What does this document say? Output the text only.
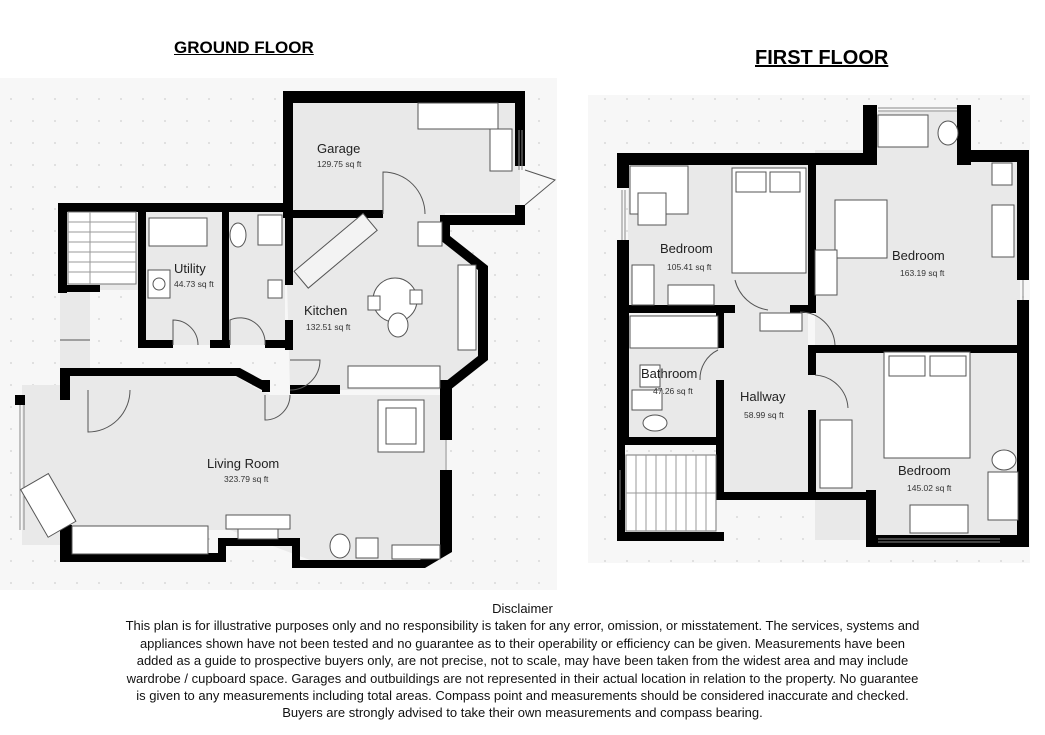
GROUND FLOOR	FIRST FLOOR
Garage
129.75 sq ft
Utility
44.73 sq ft
Kitchen
132.51 sq ft
Living Room
323.79 sq ft
Bedroom
105.41 sq ft
Bedroom
163.19 sq ft
Bathroom
47.26 sq ft	Hallway
58.99 sq ft
Bedroom
145.02 sq ft
Disclaimer
This plan is for illustrative purposes only and no responsibility is taken for any error, omission, or misstatement. The services, systems and
appliances shown have not been tested and no guarantee as to their operability or efficiency can be given. Measurements have been
added as a guide to prospective buyers only, are not precise, not to scale, may have been taken from the widest area and may include
wardrobe / cupboard space. Garages and outbuildings are not represented in their actual location in relation to the property. No guarantee
is given to any measurements including total areas. Compass point and measurements should be considered inaccurate and checked.
Buyers are strongly advised to take their own measurements and compass bearing.
